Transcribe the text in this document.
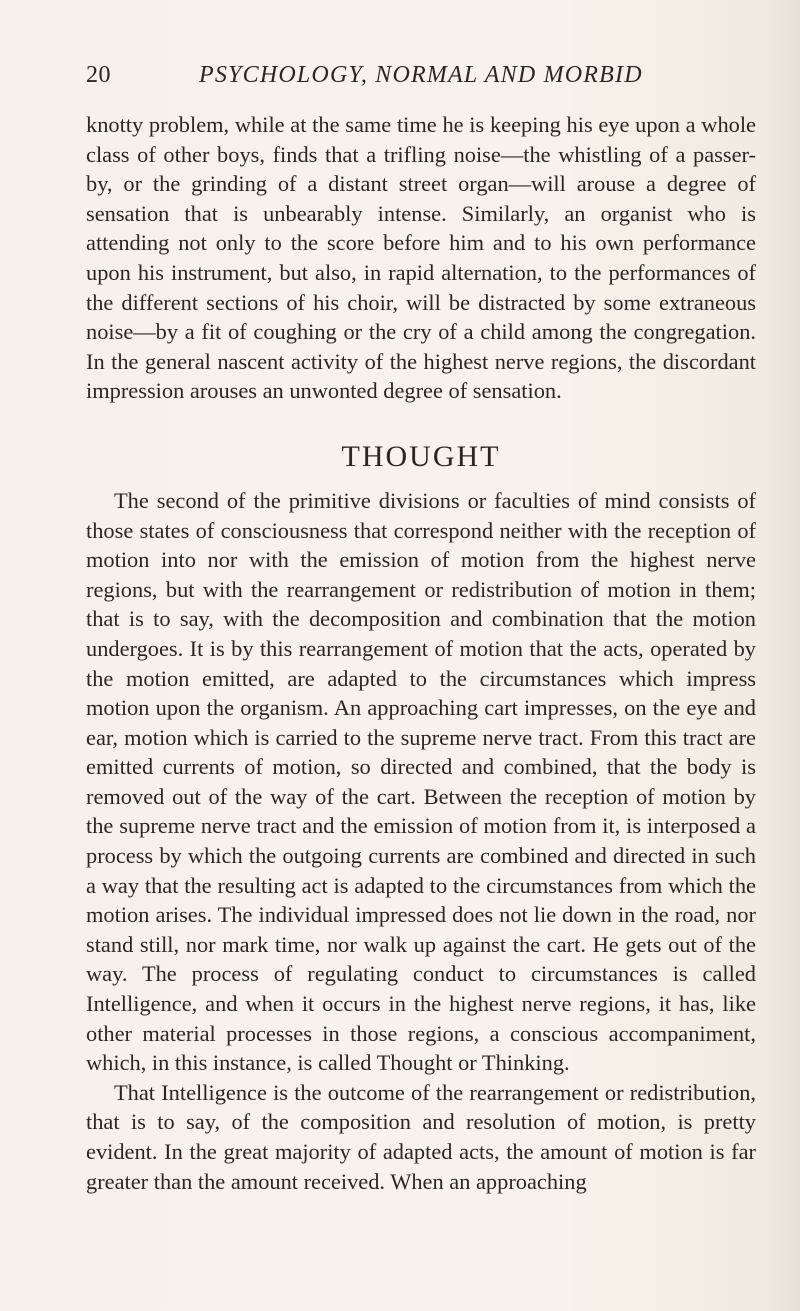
20	PSYCHOLOGY, NORMAL AND MORBID

knotty problem, while at the same time he is keeping his eye upon a whole class of other boys, finds that a trifling noise—the whistling of a passer-by, or the grinding of a distant street organ—will arouse a degree of sensation that is unbearably intense. Similarly, an organist who is attending not only to the score before him and to his own performance upon his instrument, but also, in rapid alternation, to the performances of the different sections of his choir, will be distracted by some extraneous noise—by a fit of coughing or the cry of a child among the congregation. In the general nascent activity of the highest nerve regions, the discordant impression arouses an unwonted degree of sensation.

THOUGHT

The second of the primitive divisions or faculties of mind consists of those states of consciousness that correspond neither with the reception of motion into nor with the emission of motion from the highest nerve regions, but with the rearrangement or redistribution of motion in them; that is to say, with the decomposition and combination that the motion undergoes. It is by this rearrangement of motion that the acts, operated by the motion emitted, are adapted to the circumstances which impress motion upon the organism. An approaching cart impresses, on the eye and ear, motion which is carried to the supreme nerve tract. From this tract are emitted currents of motion, so directed and combined, that the body is removed out of the way of the cart. Between the reception of motion by the supreme nerve tract and the emission of motion from it, is interposed a process by which the outgoing currents are combined and directed in such a way that the resulting act is adapted to the circumstances from which the motion arises. The individual impressed does not lie down in the road, nor stand still, nor mark time, nor walk up against the cart. He gets out of the way. The process of regulating conduct to circumstances is called Intelligence, and when it occurs in the highest nerve regions, it has, like other material processes in those regions, a conscious accompaniment, which, in this instance, is called Thought or Thinking.

That Intelligence is the outcome of the rearrangement or redistribution, that is to say, of the composition and resolution of motion, is pretty evident. In the great majority of adapted acts, the amount of motion is far greater than the amount received. When an approaching
